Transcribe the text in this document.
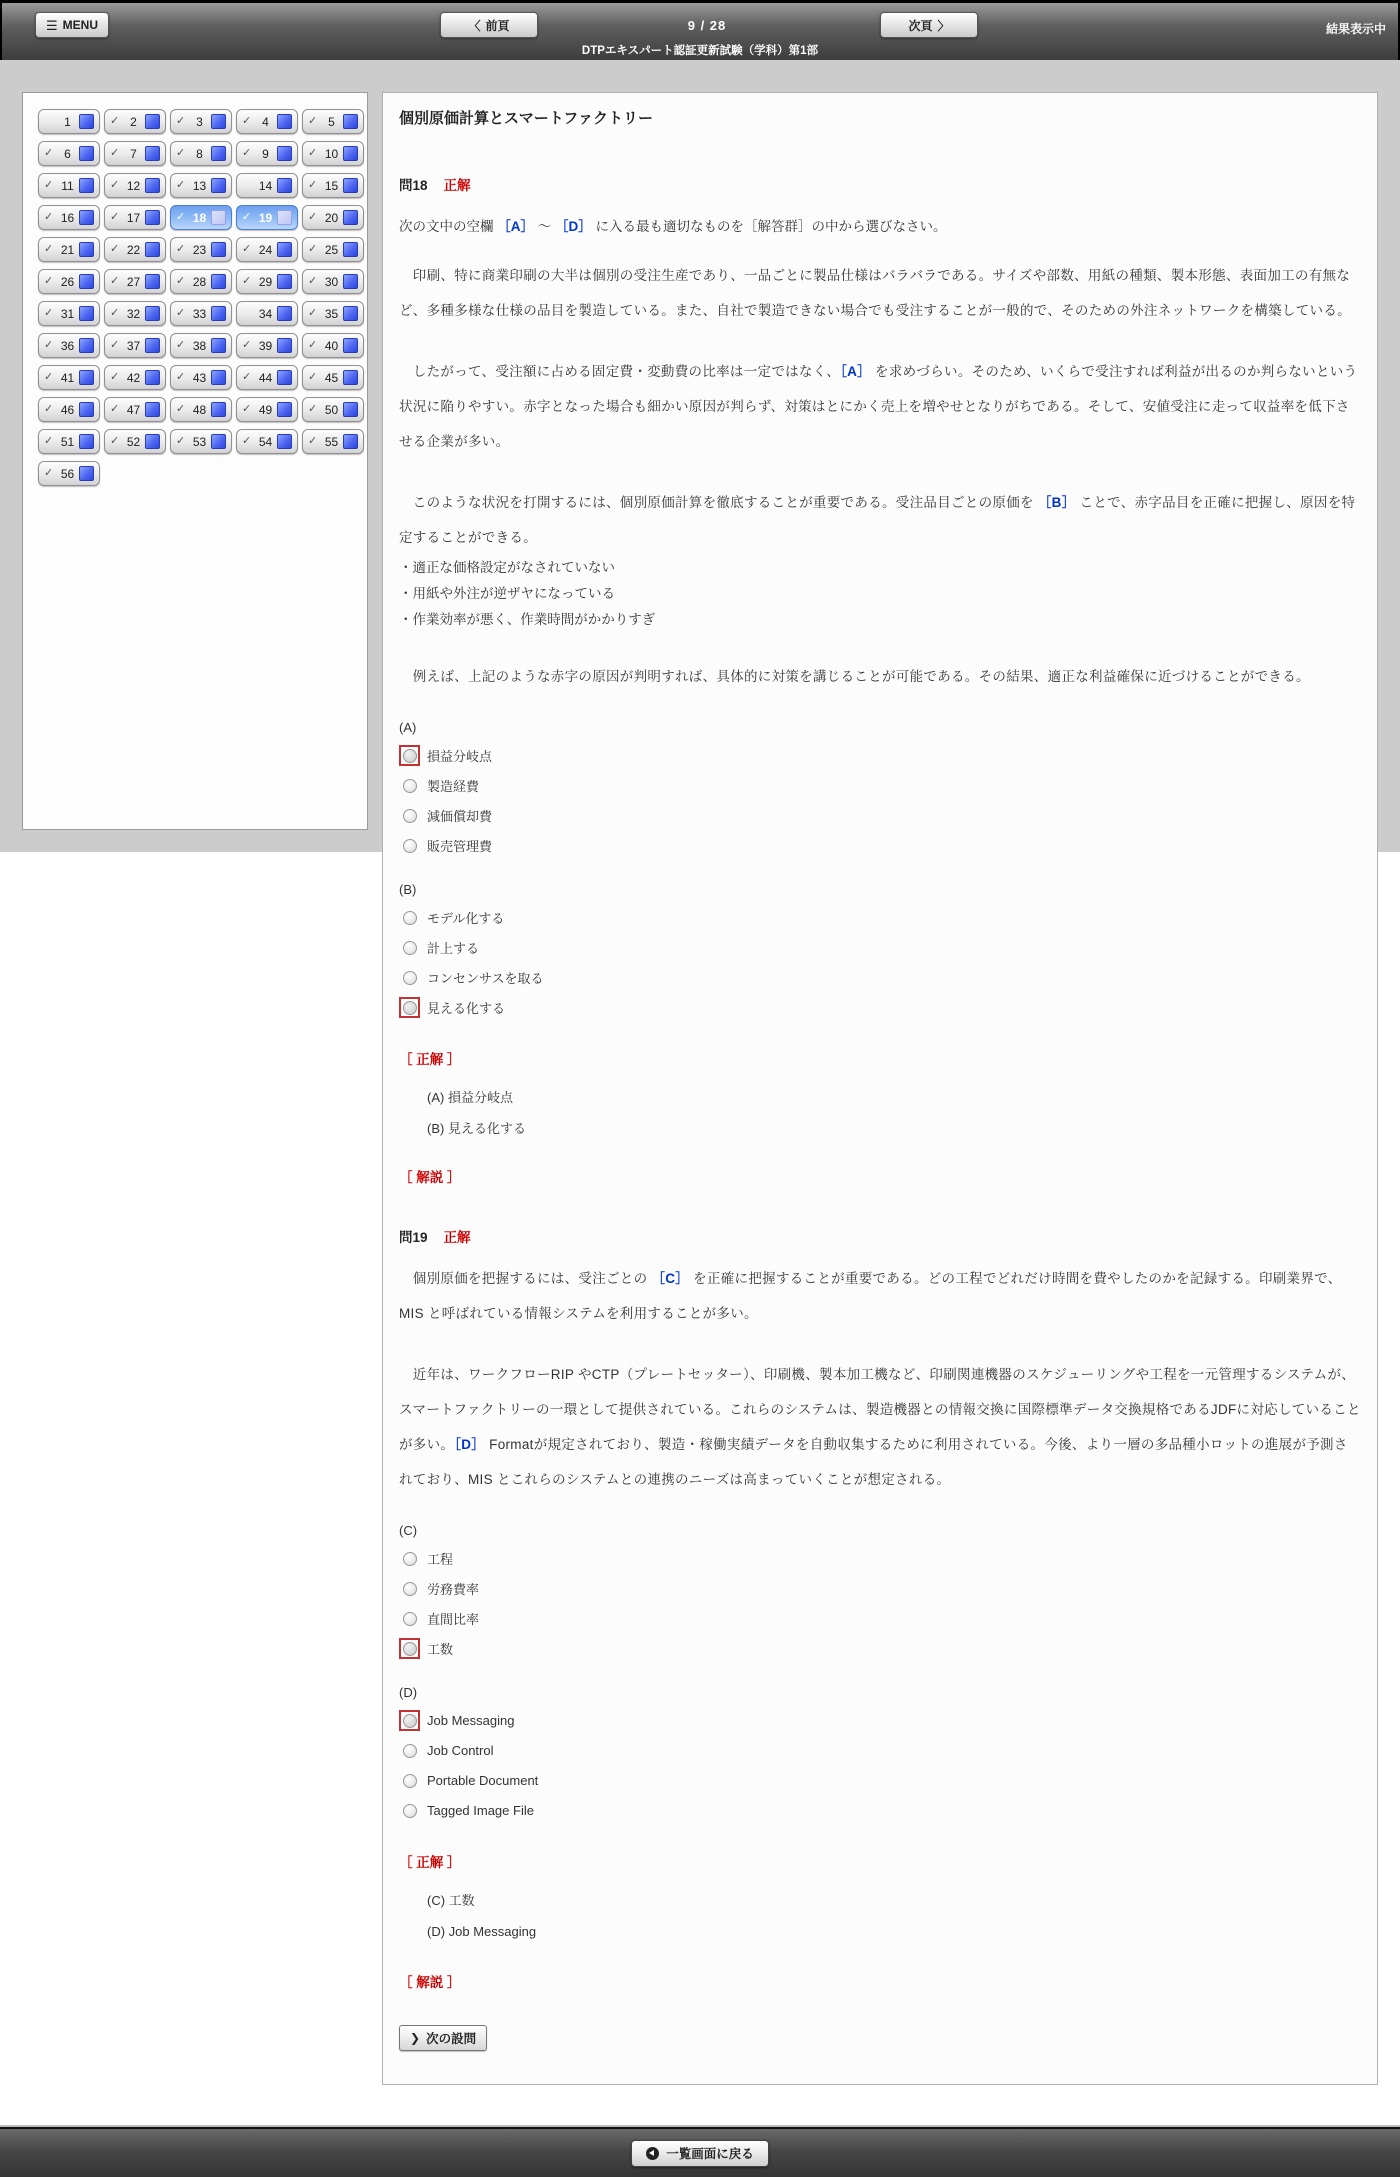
☰ MENU	〈 前頁	9 / 28	次頁 〉	結果表示中
DTPエキスパート認証更新試験（学科）第1部
1	✓ 2	✓ 3	✓ 4	✓ 5
✓ 6	✓ 7	✓ 8	✓ 9	✓ 10
✓ 11	✓ 12	✓ 13	14	✓ 15
✓ 16	✓ 17	✓ 18	✓ 19	✓ 20
✓ 21	✓ 22	✓ 23	✓ 24	✓ 25
✓ 26	✓ 27	✓ 28	✓ 29	✓ 30
✓ 31	✓ 32	✓ 33	34	✓ 35
✓ 36	✓ 37	✓ 38	✓ 39	✓ 40
✓ 41	✓ 42	✓ 43	✓ 44	✓ 45
✓ 46	✓ 47	✓ 48	✓ 49	✓ 50
✓ 51	✓ 52	✓ 53	✓ 54	✓ 55
✓ 56
個別原価計算とスマートファクトリー
問18 正解

次の文中の空欄 ［A］ ～ ［D］ に入る最も適切なものを［解答群］の中から選びなさい。

　印刷、特に商業印刷の大半は個別の受注生産であり、一品ごとに製品仕様はバラバラである。サイズや部数、用紙の種類、製本形態、表面加工の有無など、多種多様な仕様の品目を製造している。また、自社で製造できない場合でも受注することが一般的で、そのための外注ネットワークを構築している。

　したがって、受注額に占める固定費・変動費の比率は一定ではなく、［A］ を求めづらい。そのため、いくらで受注すれば利益が出るのか判らないという状況に陥りやすい。赤字となった場合も細かい原因が判らず、対策はとにかく売上を増やせとなりがちである。そして、安値受注に走って収益率を低下させる企業が多い。

　このような状況を打開するには、個別原価計算を徹底することが重要である。受注品目ごとの原価を ［B］ ことで、赤字品目を正確に把握し、原因を特定することができる。

・適正な価格設定がなされていない
・用紙や外注が逆ザヤになっている
・作業効率が悪く、作業時間がかかりすぎ

　例えば、上記のような赤字の原因が判明すれば、具体的に対策を講じることが可能である。その結果、適正な利益確保に近づけることができる。

(A)
損益分岐点
製造経費
減価償却費
販売管理費
(B)
モデル化する
計上する
コンセンサスを取る
見える化する
［ 正解 ］
(A) 損益分岐点
(B) 見える化する
［ 解説 ］
問19 正解

　個別原価を把握するには、受注ごとの ［C］ を正確に把握することが重要である。どの工程でどれだけ時間を費やしたのかを記録する。印刷業界で、MIS と呼ばれている情報システムを利用することが多い。

　近年は、ワークフローRIP やCTP（プレートセッター）、印刷機、製本加工機など、印刷関連機器のスケジューリングや工程を一元管理するシステムが、スマートファクトリーの一環として提供されている。これらのシステムは、製造機器との情報交換に国際標準データ交換規格であるJDFに対応していることが多い。［D］ Formatが規定されており、製造・稼働実績データを自動収集するために利用されている。今後、より一層の多品種小ロットの進展が予測されており、MIS とこれらのシステムとの連携のニーズは高まっていくことが想定される。

(C)
工程
労務費率
直間比率
工数
(D)
Job Messaging
Job Control
Portable Document
Tagged Image File
［ 正解 ］
(C) 工数
(D) Job Messaging
［ 解説 ］
❯ 次の設問
一覧画面に戻る
